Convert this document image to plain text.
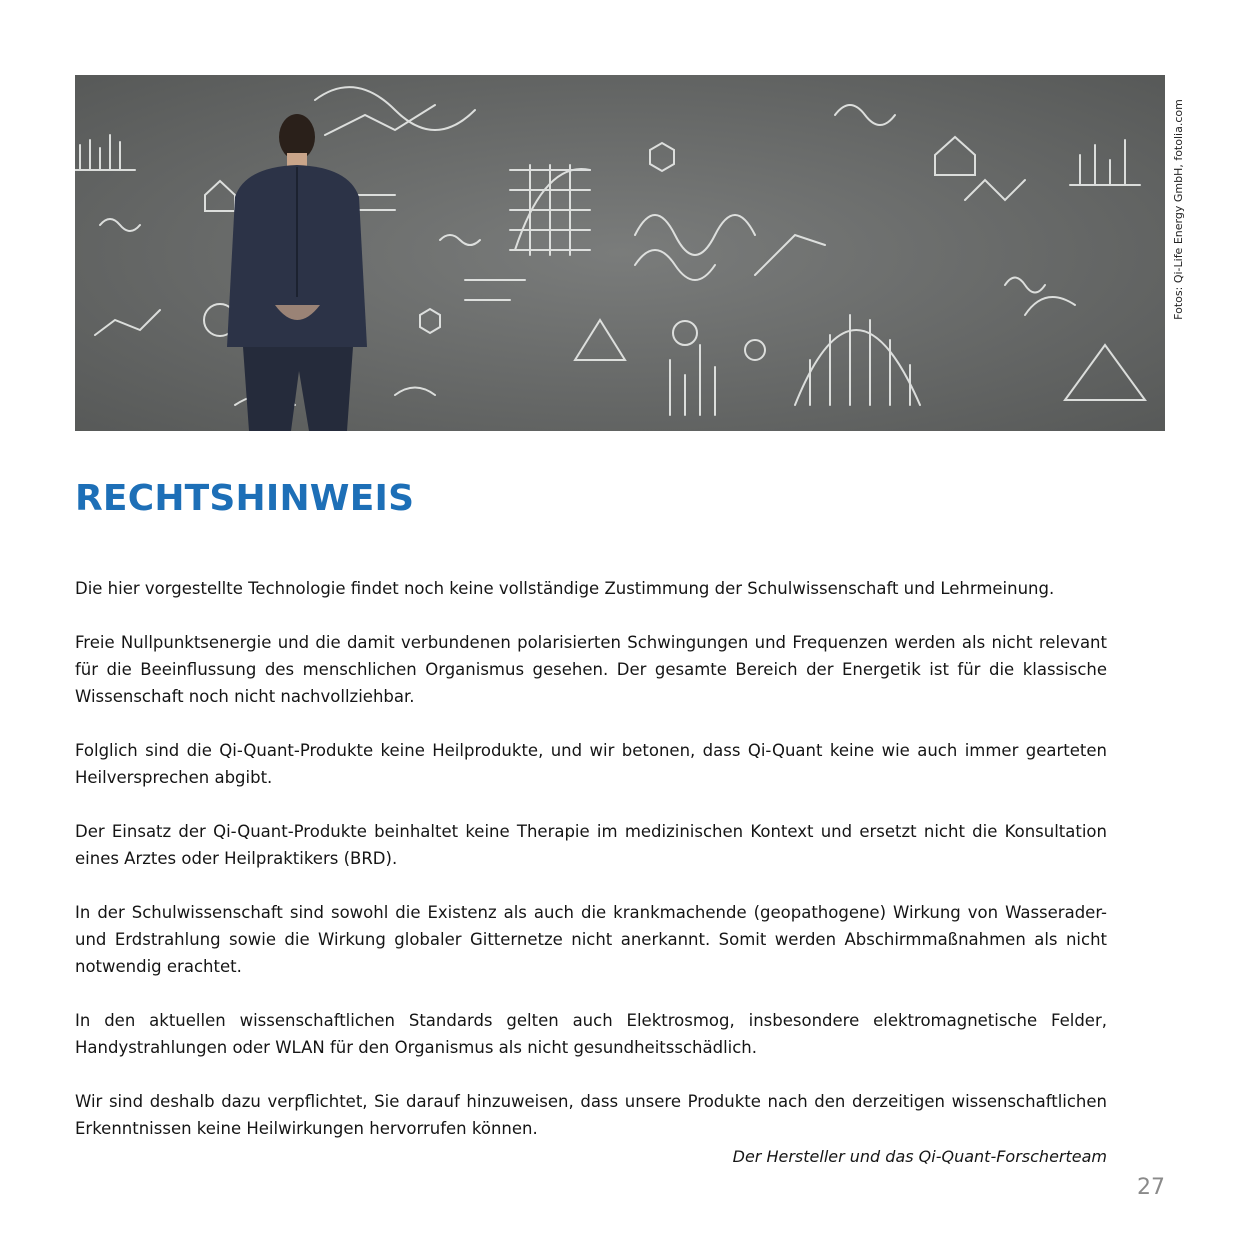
Fotos: Qi-Life Energy GmbH, fotolia.com
RECHTSHINWEIS

Die hier vorgestellte Technologie findet noch keine vollständige Zustimmung der Schulwissenschaft und Lehrmeinung.

Freie Nullpunktsenergie und die damit verbundenen polarisierten Schwingungen und Frequenzen werden als nicht relevant für die Beeinflussung des menschlichen Organismus gesehen. Der gesamte Bereich der Energetik ist für die klassische Wissenschaft noch nicht nachvollziehbar.

Folglich sind die Qi-Quant-Produkte keine Heilprodukte, und wir betonen, dass Qi-Quant keine wie auch immer gearteten Heilversprechen abgibt.

Der Einsatz der Qi-Quant-Produkte beinhaltet keine Therapie im medizinischen Kontext und ersetzt nicht die Konsultation eines Arztes oder Heilpraktikers (BRD).

In der Schulwissenschaft sind sowohl die Existenz als auch die krankmachende (geopathogene) Wirkung von Wasserader- und Erdstrahlung sowie die Wirkung globaler Gitternetze nicht anerkannt. Somit werden Abschirmmaßnahmen als nicht notwendig erachtet.

In den aktuellen wissenschaftlichen Standards gelten auch Elektrosmog, insbesondere elektromagnetische Felder, Handystrahlungen oder WLAN für den Organismus als nicht gesundheitsschädlich.

Wir sind deshalb dazu verpflichtet, Sie darauf hinzuweisen, dass unsere Produkte nach den derzeitigen wissenschaftlichen Erkenntnissen keine Heilwirkungen hervorrufen können.

Der Hersteller und das Qi-Quant-Forscherteam

27
